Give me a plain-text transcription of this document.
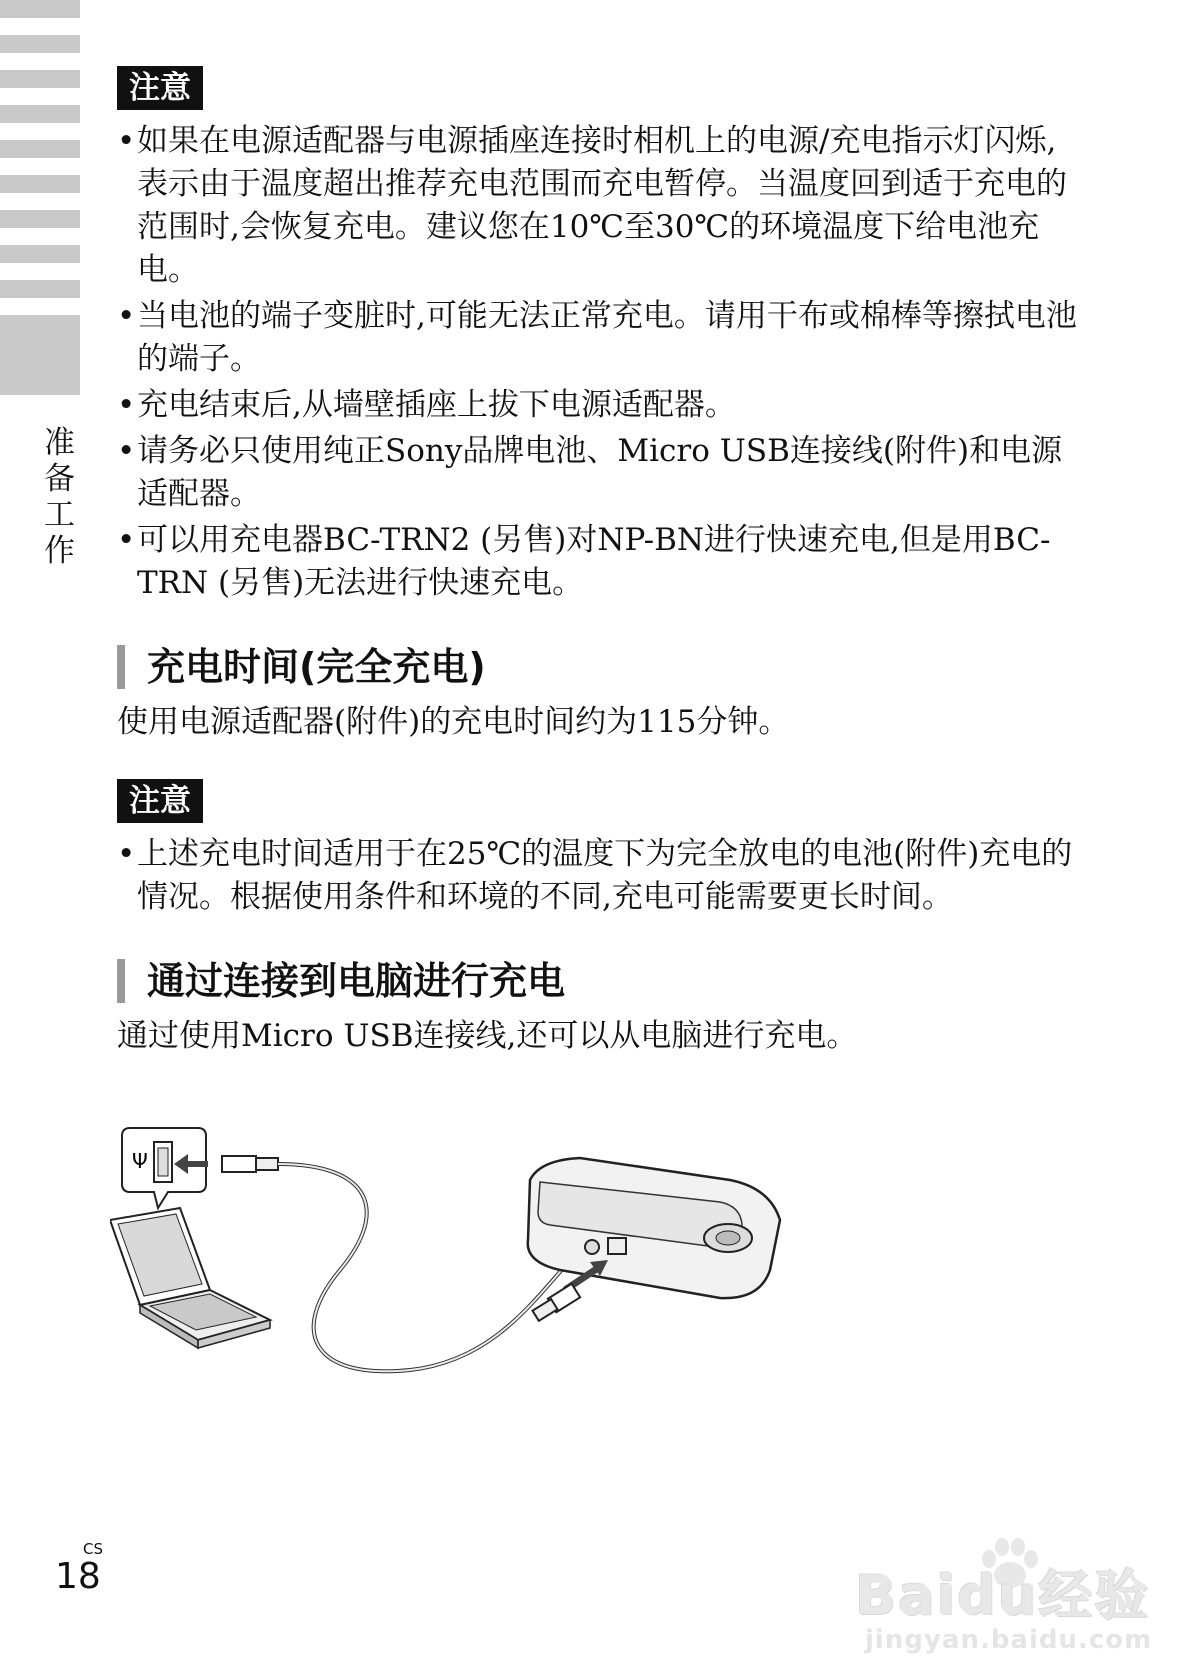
准备工作
注意
• 如果在电源适配器与电源插座连接时相机上的电源/充电指示灯闪烁,表示由于温度超出推荐充电范围而充电暂停。当温度回到适于充电的范围时,会恢复充电。建议您在10℃至30℃的环境温度下给电池充电。
• 当电池的端子变脏时,可能无法正常充电。请用干布或棉棒等擦拭电池的端子。
• 充电结束后,从墙壁插座上拔下电源适配器。
• 请务必只使用纯正Sony品牌电池、Micro USB连接线(附件)和电源适配器。
• 可以用充电器BC-TRN2 (另售)对NP-BN进行快速充电,但是用BC-TRN (另售)无法进行快速充电。
充电时间(完全充电)

使用电源适配器(附件)的充电时间约为115分钟。

注意
• 上述充电时间适用于在25℃的温度下为完全放电的电池(附件)充电的情况。根据使用条件和环境的不同,充电可能需要更长时间。
通过连接到电脑进行充电

通过使用Micro USB连接线,还可以从电脑进行充电。

Ψ
CS
18	Baidu经验
jingyan.baidu.com
